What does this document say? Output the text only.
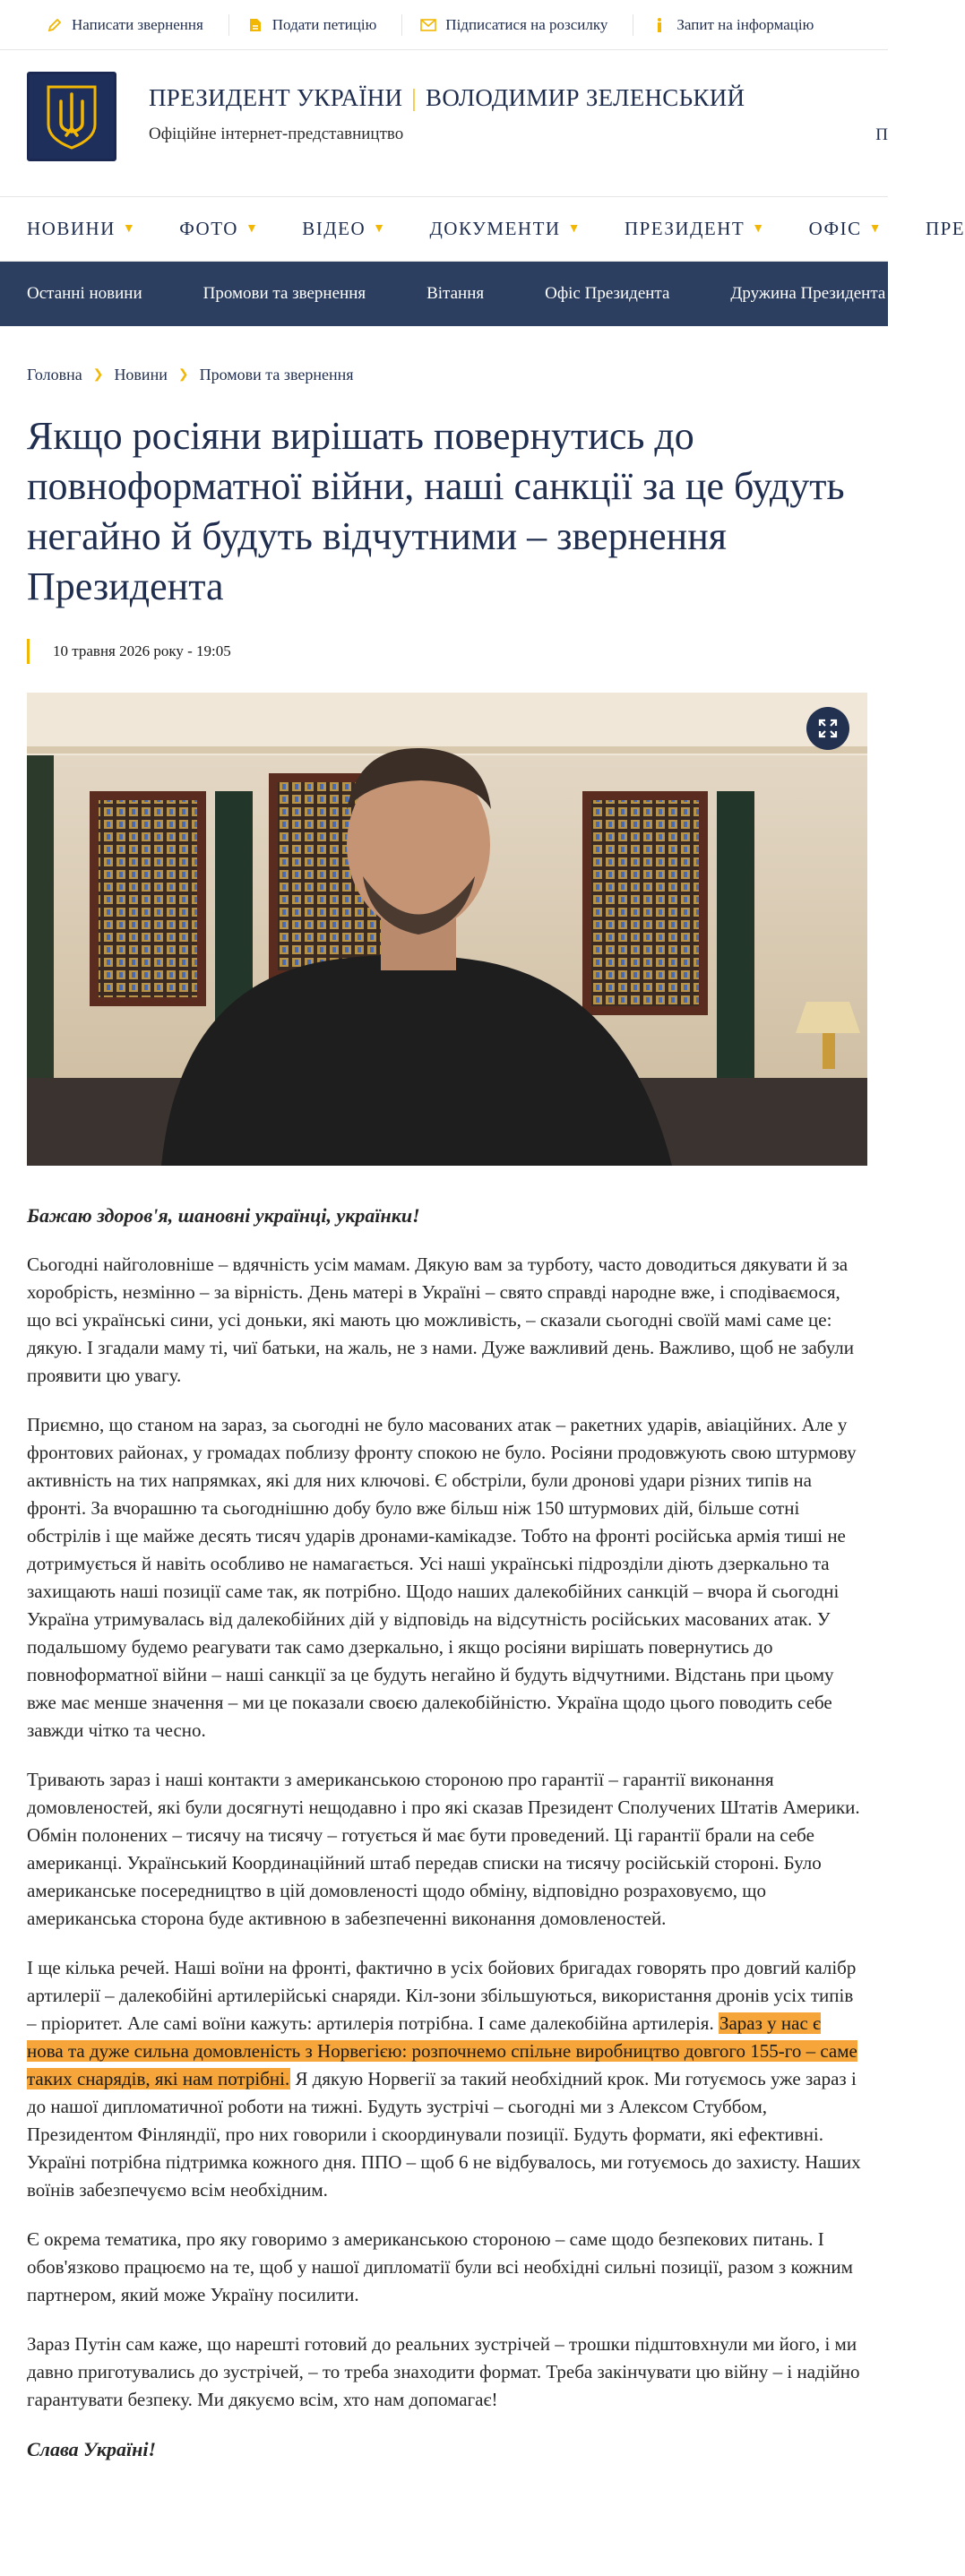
Написати звернення	Подати петицію	Підписатися на розсилку	Запит на інформацію
ПРЕЗИДЕНТ УКРАЇНИ | ВОЛОДИМИР ЗЕЛЕНСЬКИЙ
Офіційне інтернет-представництво	П
НОВИНИ ▼ ФОТО ▼ ВІДЕО ▼ ДОКУМЕНТИ ▼ ПРЕЗИДЕНТ ▼ ОФІС ▼ ПРЕ
Останні новини	Промови та звернення	Вітання	Офіс Президента	Дружина Президента
Головна ❯ Новини ❯ Промови та звернення
Якщо росіяни вирішать повернутись до повноформатної війни, наші санкції за це будуть негайно й будуть відчутними – звернення Президента
10 травня 2026 року - 19:05

Бажаю здоров'я, шановні українці, українки!

Сьогодні найголовніше – вдячність усім мамам. Дякую вам за турботу, часто доводиться дякувати й за хоробрість, незмінно – за вірність. День матері в Україні – свято справді народне вже, і сподіваємося, що всі українські сини, усі доньки, які мають цю можливість, – сказали сьогодні своїй мамі саме це: дякую. І згадали маму ті, чиї батьки, на жаль, не з нами. Дуже важливий день. Важливо, щоб не забули проявити цю увагу.

Приємно, що станом на зараз, за сьогодні не було масованих атак – ракетних ударів, авіаційних. Але у фронтових районах, у громадах поблизу фронту спокою не було. Росіяни продовжують свою штурмову активність на тих напрямках, які для них ключові. Є обстріли, були дронові удари різних типів на фронті. За вчорашню та сьогоднішню добу було вже більш ніж 150 штурмових дій, більше сотні обстрілів і ще майже десять тисяч ударів дронами-камікадзе. Тобто на фронті російська армія тиші не дотримується й навіть особливо не намагається. Усі наші українські підрозділи діють дзеркально та захищають наші позиції саме так, як потрібно. Щодо наших далекобійних санкцій – вчора й сьогодні Україна утримувалась від далекобійних дій у відповідь на відсутність російських масованих атак. У подальшому будемо реагувати так само дзеркально, і якщо росіяни вирішать повернутись до повноформатної війни – наші санкції за це будуть негайно й будуть відчутними. Відстань при цьому вже має менше значення – ми це показали своєю далекобійністю. Україна щодо цього поводить себе завжди чітко та чесно.

Тривають зараз і наші контакти з американською стороною про гарантії – гарантії виконання домовленостей, які були досягнуті нещодавно і про які сказав Президент Сполучених Штатів Америки. Обмін полонених – тисячу на тисячу – готується й має бути проведений. Ці гарантії брали на себе американці. Український Координаційний штаб передав списки на тисячу російській стороні. Було американське посередництво в цій домовленості щодо обміну, відповідно розраховуємо, що американська сторона буде активною в забезпеченні виконання домовленостей.

І ще кілька речей. Наші воїни на фронті, фактично в усіх бойових бригадах говорять про довгий калібр артилерії – далекобійні артилерійські снаряди. Кіл-зони збільшуються, використання дронів усіх типів – пріоритет. Але самі воїни кажуть: артилерія потрібна. І саме далекобійна артилерія. Зараз у нас є нова та дуже сильна домовленість з Норвегією: розпочнемо спільне виробництво довгого 155-го – саме таких снарядів, які нам потрібні. Я дякую Норвегії за такий необхідний крок. Ми готуємось уже зараз і до нашої дипломатичної роботи на тижні. Будуть зустрічі – сьогодні ми з Алексом Стуббом, Президентом Фінляндії, про них говорили і скоординували позиції. Будуть формати, які ефективні. Україні потрібна підтримка кожного дня. ППО – щоб 6 не відбувалось, ми готуємось до захисту. Наших воїнів забезпечуємо всім необхідним.

Є окрема тематика, про яку говоримо з американською стороною – саме щодо безпекових питань. І обов'язково працюємо на те, щоб у нашої дипломатії були всі необхідні сильні позиції, разом з кожним партнером, який може Україну посилити.

Зараз Путін сам каже, що нарешті готовий до реальних зустрічей – трошки підштовхнули ми його, і ми давно приготувались до зустрічей, – то треба знаходити формат. Треба закінчувати цю війну – і надійно гарантувати безпеку. Ми дякуємо всім, хто нам допомагає!

Слава Україні!
